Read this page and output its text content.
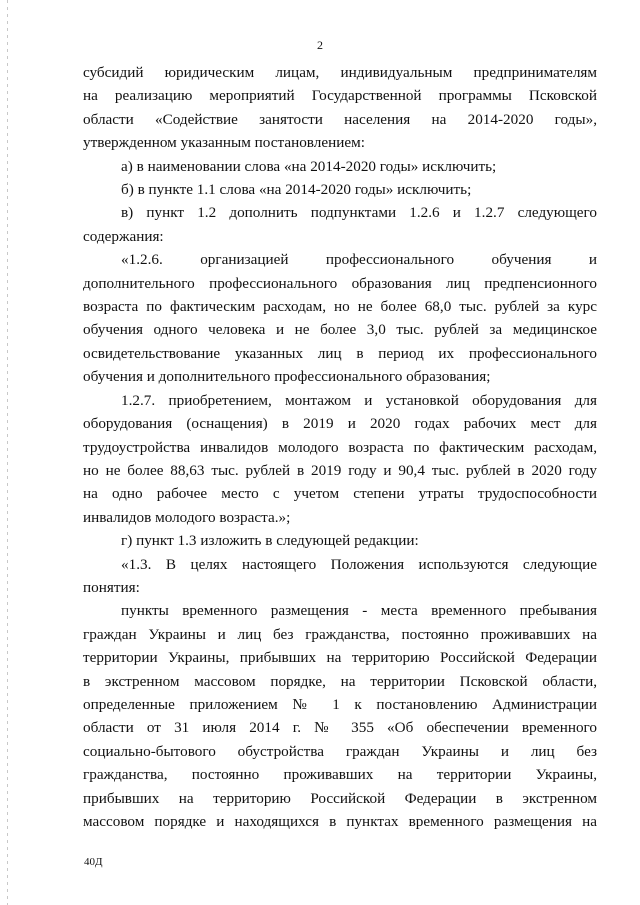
2
субсидий юридическим лицам, индивидуальным предпринимателям
на реализацию мероприятий Государственной программы Псковской
области «Содействие занятости населения на 2014-2020 годы»,
утвержденном указанным постановлением:
а) в наименовании слова «на 2014-2020 годы» исключить;
б) в пункте 1.1 слова «на 2014-2020 годы» исключить;
в) пункт 1.2 дополнить подпунктами 1.2.6 и 1.2.7 следующего
содержания:
«1.2.6. организацией профессионального обучения и
дополнительного профессионального образования лиц предпенсионного
возраста по фактическим расходам, но не более 68,0 тыс. рублей за курс
обучения одного человека и не более 3,0 тыс. рублей за медицинское
освидетельствование указанных лиц в период их профессионального
обучения и дополнительного профессионального образования;
1.2.7. приобретением, монтажом и установкой оборудования для
оборудования (оснащения) в 2019 и 2020 годах рабочих мест для
трудоустройства инвалидов молодого возраста по фактическим расходам,
но не более 88,63 тыс. рублей в 2019 году и 90,4 тыс. рублей в 2020 году
на одно рабочее место с учетом степени утраты трудоспособности
инвалидов молодого возраста.»;
г) пункт 1.3 изложить в следующей редакции:
«1.3. В целях настоящего Положения используются следующие
понятия:
пункты временного размещения - места временного пребывания
граждан Украины и лиц без гражданства, постоянно проживавших на
территории Украины, прибывших на территорию Российской Федерации
в экстренном массовом порядке, на территории Псковской области,
определенные приложением № 1 к постановлению Администрации
области от 31 июля 2014 г. № 355 «Об обеспечении временного
социально-бытового обустройства граждан Украины и лиц без
гражданства, постоянно проживавших на территории Украины,
прибывших на территорию Российской Федерации в экстренном
массовом порядке и находящихся в пунктах временного размещения на
40Д
